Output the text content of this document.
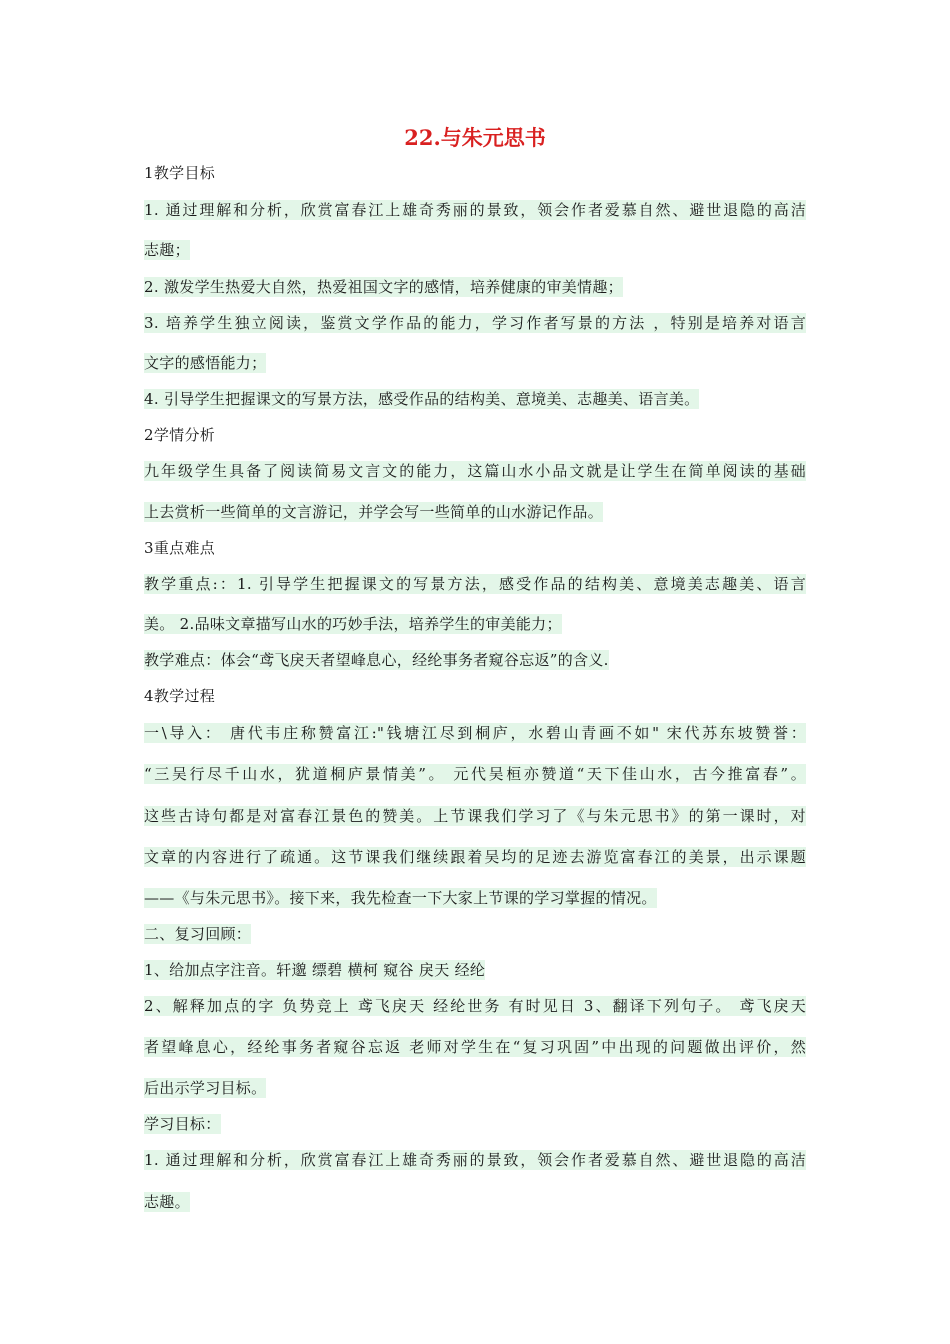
22.与朱元思书
1教学目标
1. 通过理解和分析，欣赏富春江上雄奇秀丽的景致，领会作者爱慕自然、避世退隐的高洁
志趣；
2. 激发学生热爱大自然，热爱祖国文字的感情，培养健康的审美情趣；
3. 培养学生独立阅读，鉴赏文学作品的能力，学习作者写景的方法 ，特别是培养对语言
文字的感悟能力；
4. 引导学生把握课文的写景方法，感受作品的结构美、意境美、志趣美、语言美。
2学情分析
九年级学生具备了阅读简易文言文的能力，这篇山水小品文就是让学生在简单阅读的基础
上去赏析一些简单的文言游记，并学会写一些简单的山水游记作品。
3重点难点
教学重点:：1. 引导学生把握课文的写景方法，感受作品的结构美、意境美志趣美、语言
美。 2.品味文章描写山水的巧妙手法，培养学生的审美能力；
教学难点：体会“鸢飞戾天者望峰息心，经纶事务者窥谷忘返”的含义.
4教学过程
一\导入： 唐代韦庄称赞富江:"钱塘江尽到桐庐，水碧山青画不如" 宋代苏东坡赞誉：
“三吴行尽千山水，犹道桐庐景情美”。 元代吴桓亦赞道“天下佳山水，古今推富春”。
这些古诗句都是对富春江景色的赞美。上节课我们学习了《与朱元思书》的第一课时，对
文章的内容进行了疏通。这节课我们继续跟着吴均的足迹去游览富春江的美景，出示课题
——《与朱元思书》。接下来，我先检查一下大家上节课的学习掌握的情况。
二、复习回顾：
1、给加点字注音。轩邈 缥碧 横柯 窥谷 戾天 经纶
2、解释加点的字 负势竞上 鸢飞戾天 经纶世务 有时见日 3、翻译下列句子。 鸢飞戾天
者望峰息心，经纶事务者窥谷忘返 老师对学生在“复习巩固”中出现的问题做出评价，然
后出示学习目标。
学习目标：
1. 通过理解和分析，欣赏富春江上雄奇秀丽的景致，领会作者爱慕自然、避世退隐的高洁
志趣。
